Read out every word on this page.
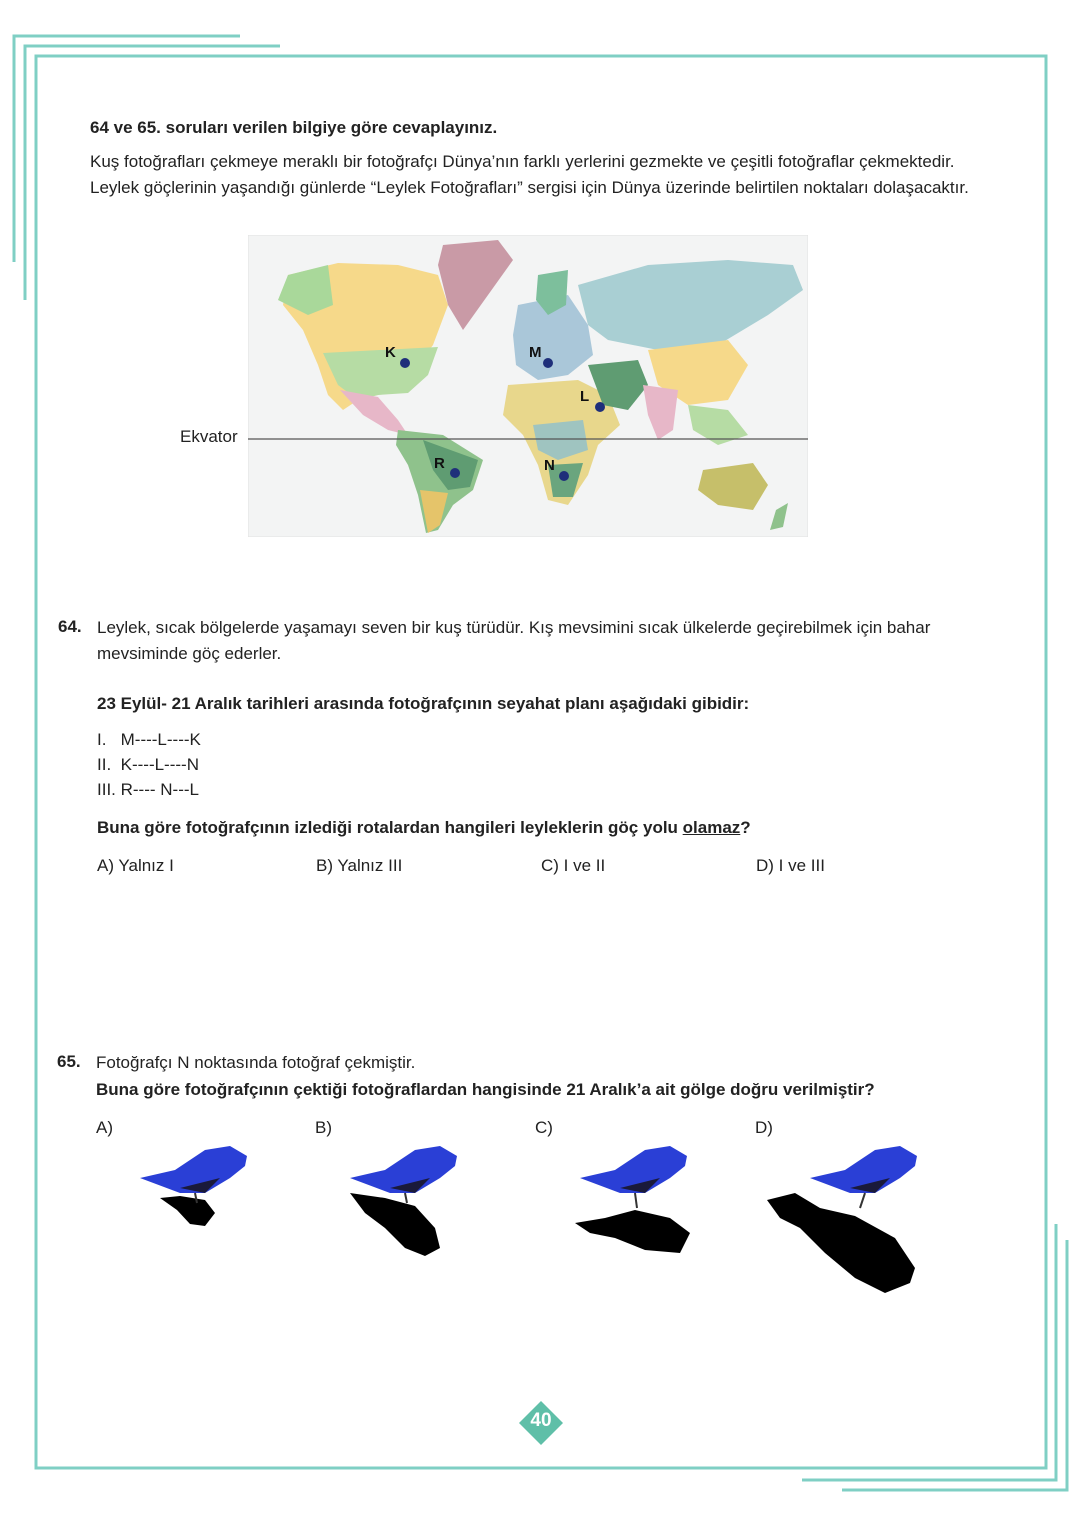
64 ve 65. soruları verilen bilgiye göre cevaplayınız.
Kuş fotoğrafları çekmeye meraklı bir fotoğrafçı Dünya’nın farklı yerlerini gezmekte ve çeşitli fotoğraflar çekmektedir.
Leylek göçlerinin yaşandığı günlerde “Leylek Fotoğrafları” sergisi için Dünya üzerinde belirtilen noktaları dolaşacaktır.
K	M
L
R	N
Ekvator
64. Leylek, sıcak bölgelerde yaşamayı seven bir kuş türüdür. Kış mevsimini sıcak ülkelerde geçirebilmek için bahar
mevsiminde göç ederler.
23 Eylül- 21 Aralık tarihleri arasında fotoğrafçının seyahat planı aşağıdaki gibidir:
I.   M----L----K
II.  K----L----N
III. R---- N---L
Buna göre fotoğrafçının izlediği rotalardan hangileri leyleklerin göç yolu olamaz?
A) Yalnız I	B) Yalnız III	C) I ve II	D) I ve III
65. Fotoğrafçı N noktasında fotoğraf çekmiştir.
Buna göre fotoğrafçının çektiği fotoğraflardan hangisinde 21 Aralık’a ait gölge doğru verilmiştir?
A)	B)	C)	D)
40
